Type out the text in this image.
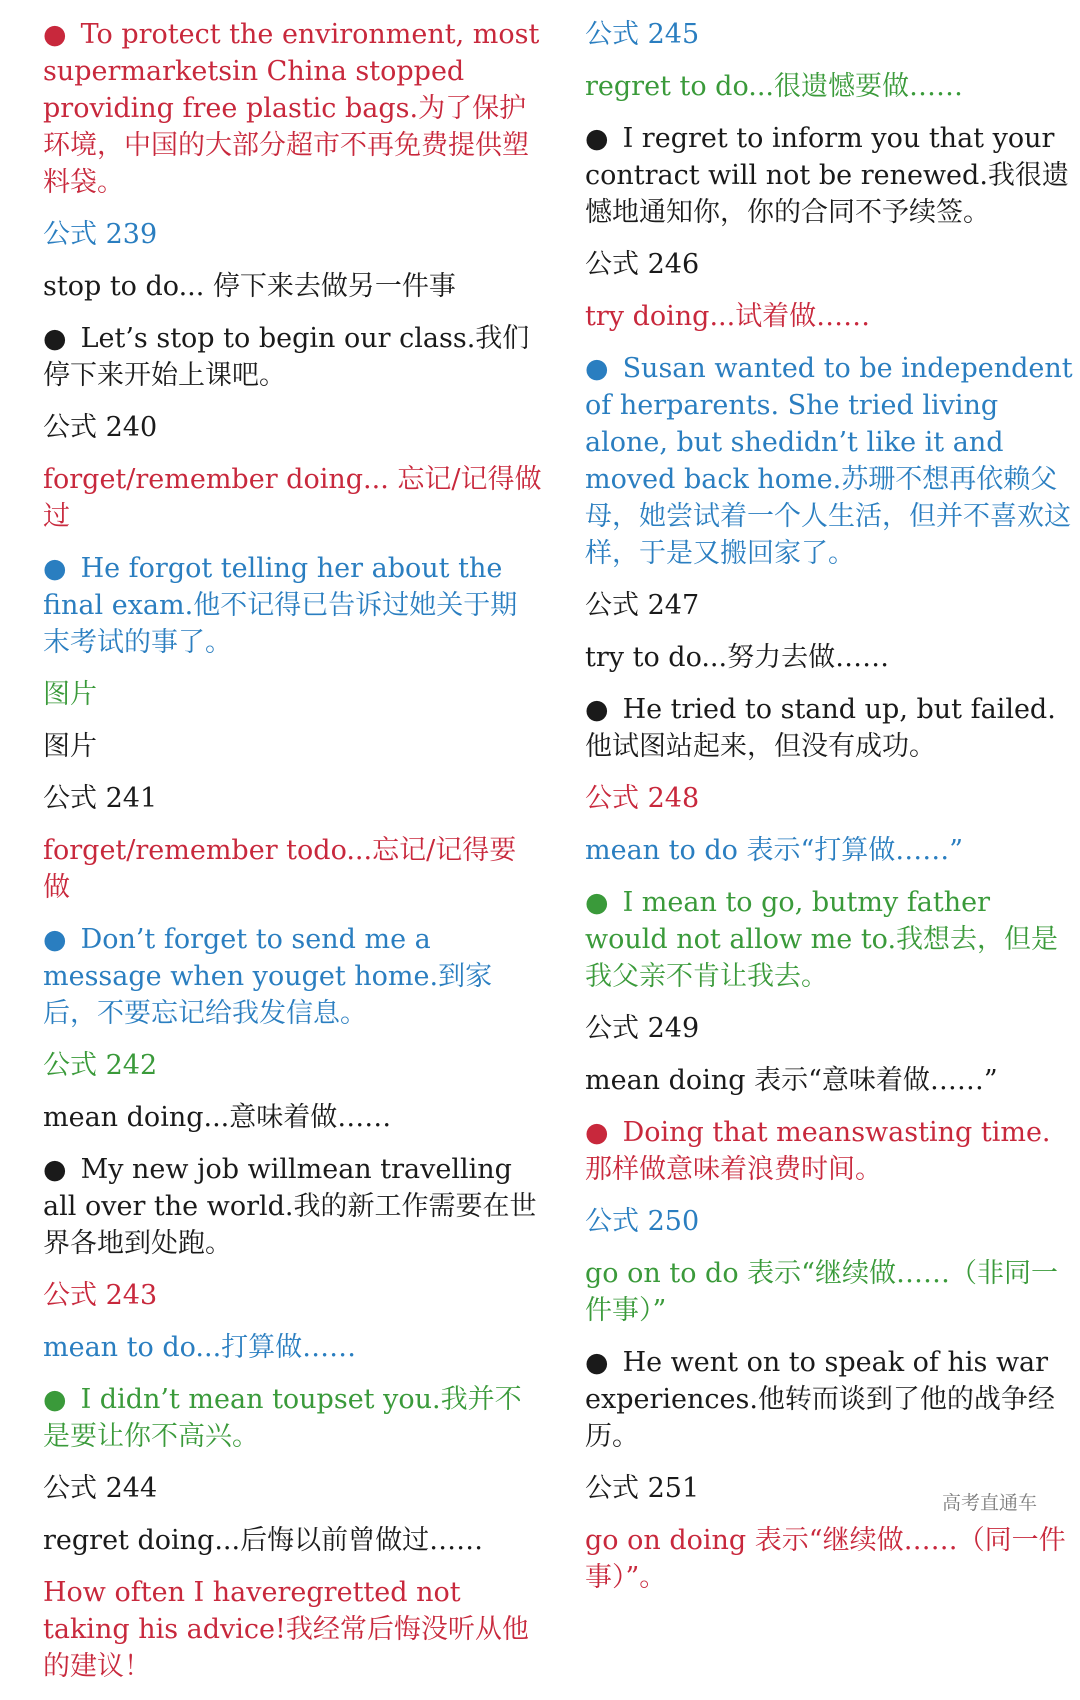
● To protect the environment, most supermarketsin China stopped providing free plastic bags.为了保护环境，中国的大部分超市不再免费提供塑料袋。

公式 239

stop to do... 停下来去做另一件事

● Let’s stop to begin our class.我们停下来开始上课吧。

公式 240

forget/remember doing... 忘记/记得做过

● He forgot telling her about the final exam.他不记得已告诉过她关于期末考试的事了。

图片

图片

公式 241

forget/remember todo...忘记/记得要做

● Don’t forget to send me a message when youget home.到家后，不要忘记给我发信息。

公式 242

mean doing...意味着做……

● My new job willmean travelling all over the world.我的新工作需要在世界各地到处跑。

公式 243

mean to do...打算做……

● I didn’t mean toupset you.我并不是要让你不高兴。

公式 244

regret doing...后悔以前曾做过……

How often I haveregretted not taking his advice!我经常后悔没听从他的建议！

公式 245

regret to do...很遗憾要做……

● I regret to inform you that your contract will not be renewed.我很遗憾地通知你，你的合同不予续签。

公式 246

try doing...试着做……

● Susan wanted to be independent of herparents. She tried living alone, but shedidn’t like it and moved back home.苏珊不想再依赖父母，她尝试着一个人生活，但并不喜欢这样，于是又搬回家了。

公式 247

try to do...努力去做……

● He tried to stand up, but failed.他试图站起来，但没有成功。

公式 248

mean to do 表示“打算做……”

● I mean to go, butmy father would not allow me to.我想去，但是我父亲不肯让我去。

公式 249

mean doing 表示“意味着做……”

● Doing that meanswasting time.那样做意味着浪费时间。

公式 250

go on to do 表示“继续做……（非同一件事）”

● He went on to speak of his war experiences.他转而谈到了他的战争经历。

公式 251

go on doing 表示“继续做……（同一件事）”。

高考直通车
